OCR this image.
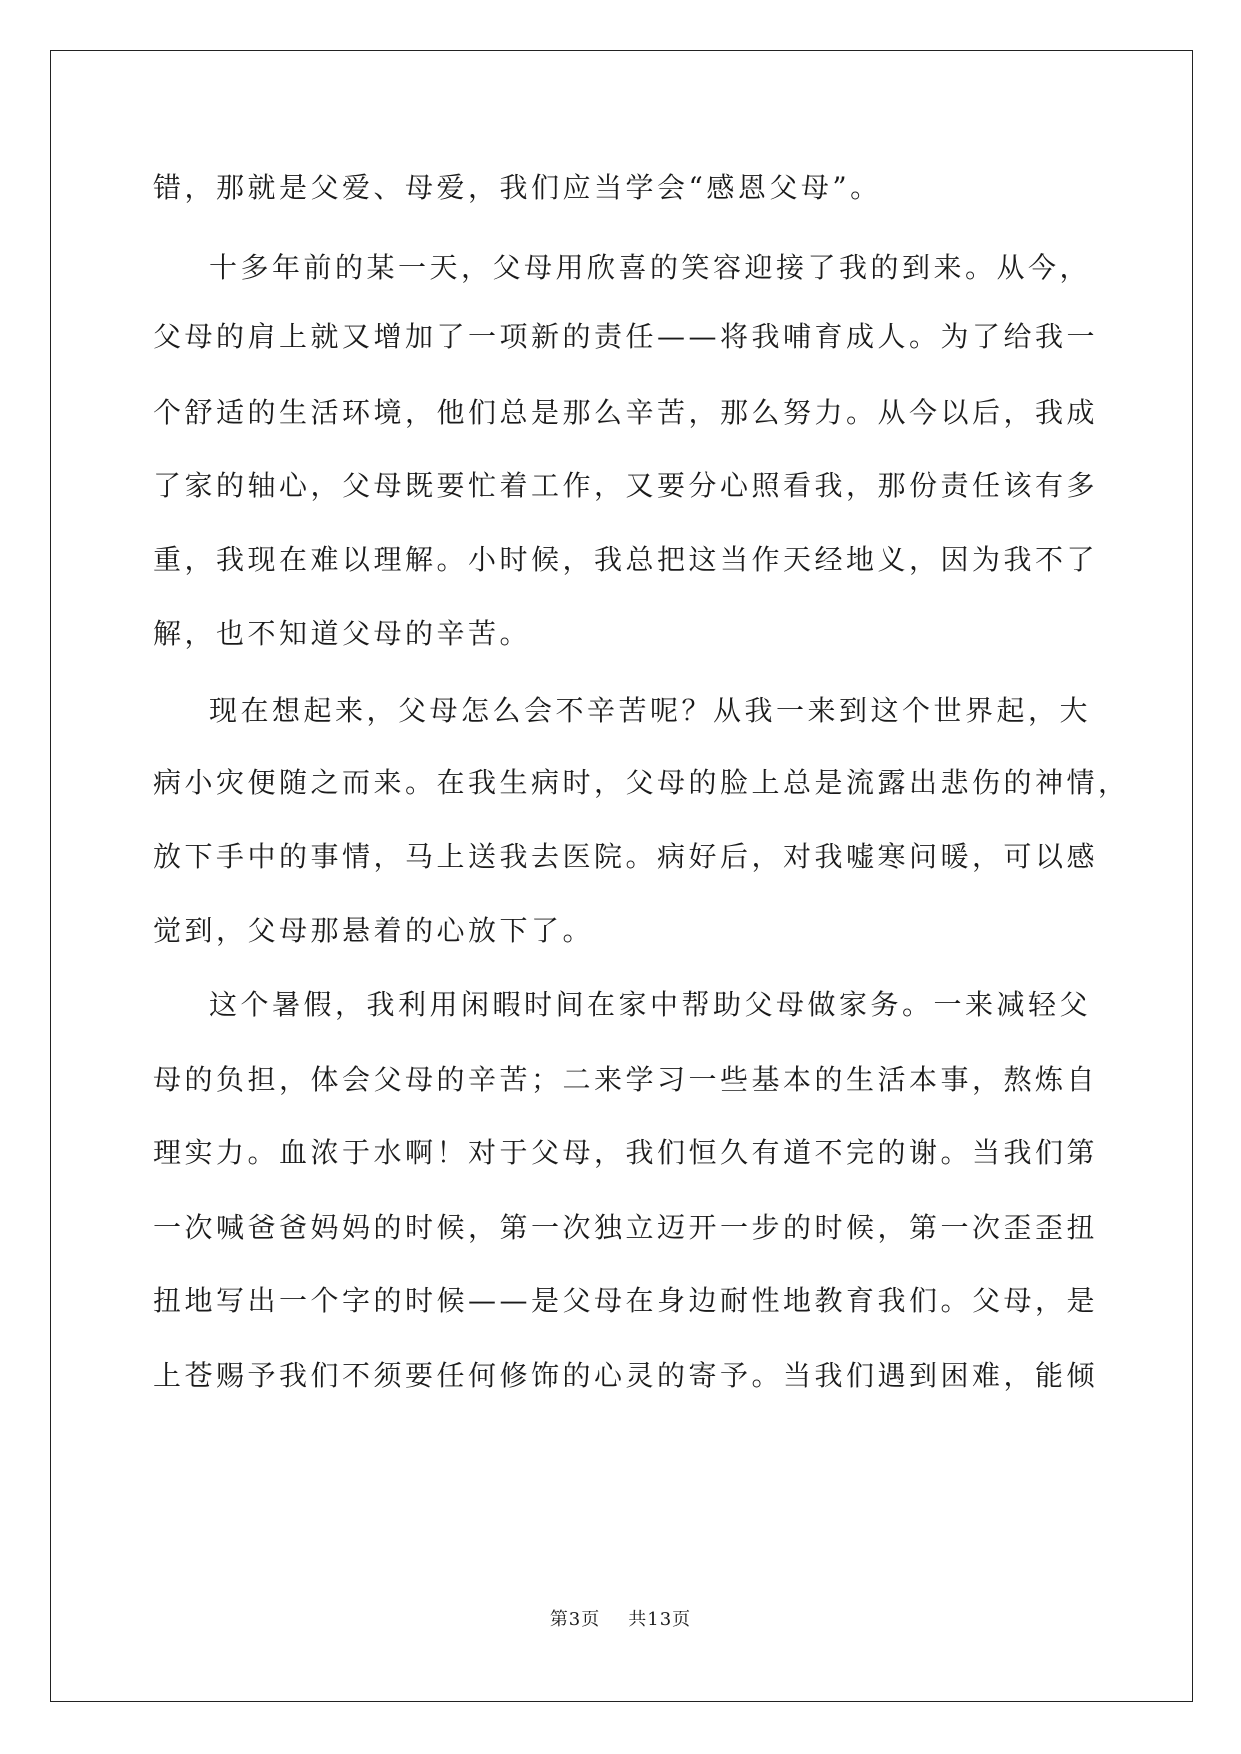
错，那就是父爱、母爱，我们应当学会“感恩父母”。
十多年前的某一天，父母用欣喜的笑容迎接了我的到来。从今，
父母的肩上就又增加了一项新的责任——将我哺育成人。为了给我一
个舒适的生活环境，他们总是那么辛苦，那么努力。从今以后，我成
了家的轴心，父母既要忙着工作，又要分心照看我，那份责任该有多
重，我现在难以理解。小时候，我总把这当作天经地义，因为我不了
解，也不知道父母的辛苦。
现在想起来，父母怎么会不辛苦呢？从我一来到这个世界起，大
病小灾便随之而来。在我生病时，父母的脸上总是流露出悲伤的神情，
放下手中的事情，马上送我去医院。病好后，对我嘘寒问暖，可以感
觉到，父母那悬着的心放下了。
这个暑假，我利用闲暇时间在家中帮助父母做家务。一来减轻父
母的负担，体会父母的辛苦；二来学习一些基本的生活本事，熬炼自
理实力。血浓于水啊！对于父母，我们恒久有道不完的谢。当我们第
一次喊爸爸妈妈的时候，第一次独立迈开一步的时候，第一次歪歪扭
扭地写出一个字的时候——是父母在身边耐性地教育我们。父母，是
上苍赐予我们不须要任何修饰的心灵的寄予。当我们遇到困难，能倾
第3页 共13页
